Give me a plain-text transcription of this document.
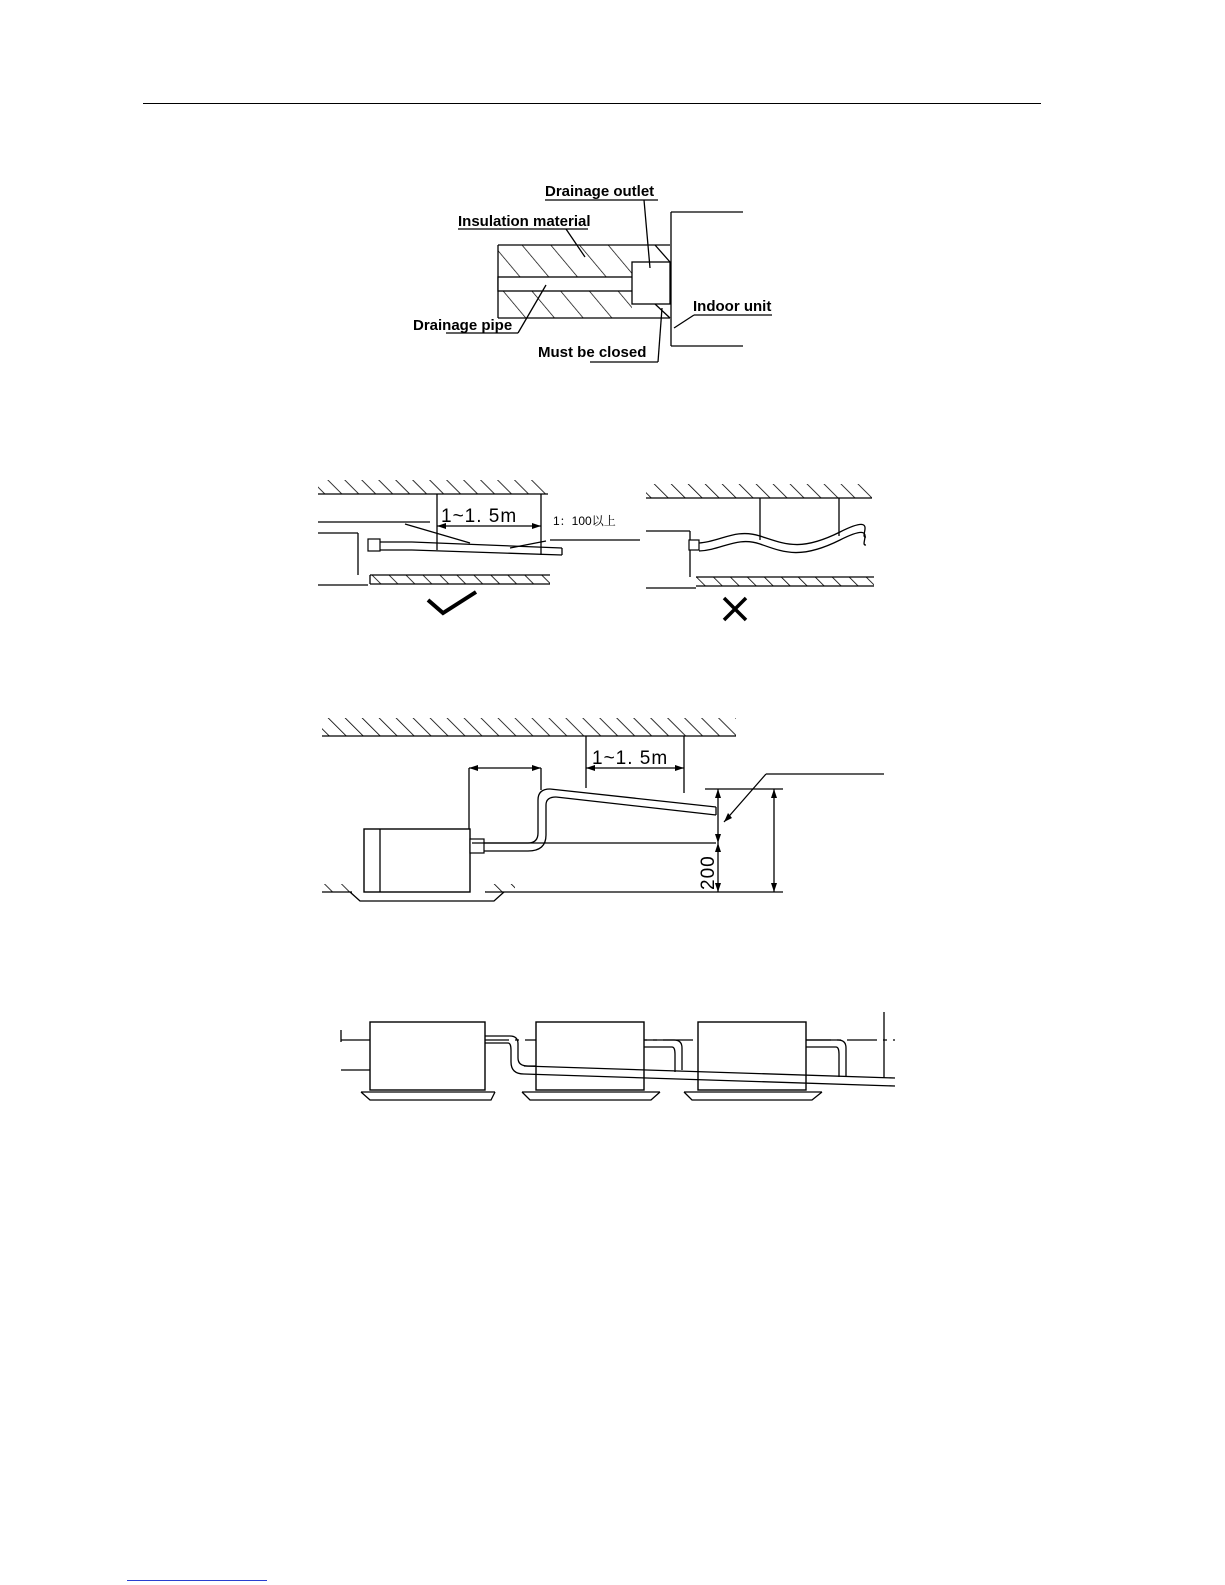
Drainage outlet
Insulation material
Indoor unit
Drainage pipe
Must be closed
1~1. 5m	1：100以上
1~1. 5m
200
